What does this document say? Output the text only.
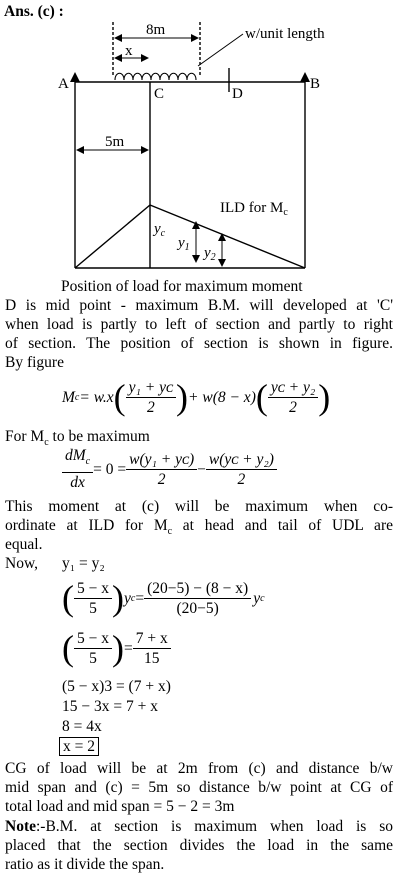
Ans. (c) :
8m
x
w/unit length
A	B
C	D
5m
ILD for $M_c$
$y_c$
$y_1$ $y_2$
Position of load for maximum moment
D is mid point - maximum B.M. will developed at 'C'
when load is partly to left of section and partly to right
of section. The position of section is shown in figure.
By figure
M c = w.x ( $\frac{\text{y₁ + yᴄ}}{2}$ ) + w(8 − x) ( $\frac{\text{yᴄ + y₂}}{2}$ )
For $M_c$ to be maximum
$\frac{dM_c}{dx} = 0 = \frac{\text{w(y₁ + yᴄ)}}{2} - \frac{\text{w(yᴄ + y₂)}}{2}$
This moment at (c) will be maximum when co-
ordinate at ILD for $M_c$ at head and tail of UDL are
equal.
Now, y₁ = y₂
( $\frac{5 - x}{5}$ ) y $c = \frac{(20-5) - (8 - x)}{(20-5)}$ y c
( $\frac{5 - x}{5}$ ) = $\frac{7 + x}{15}$
(5 − x)3 = (7 + x)
15 − 3x = 7 + x
8 = 4x
x = 2
CG of load will be at 2m from (c) and distance b/w
mid span and (c) = 5m so distance b/w point at CG of
total load and mid span = 5 − 2 = 3m
Note:-B.M. at section is maximum when load is so
placed that the section divides the load in the same
ratio as it divide the span.
